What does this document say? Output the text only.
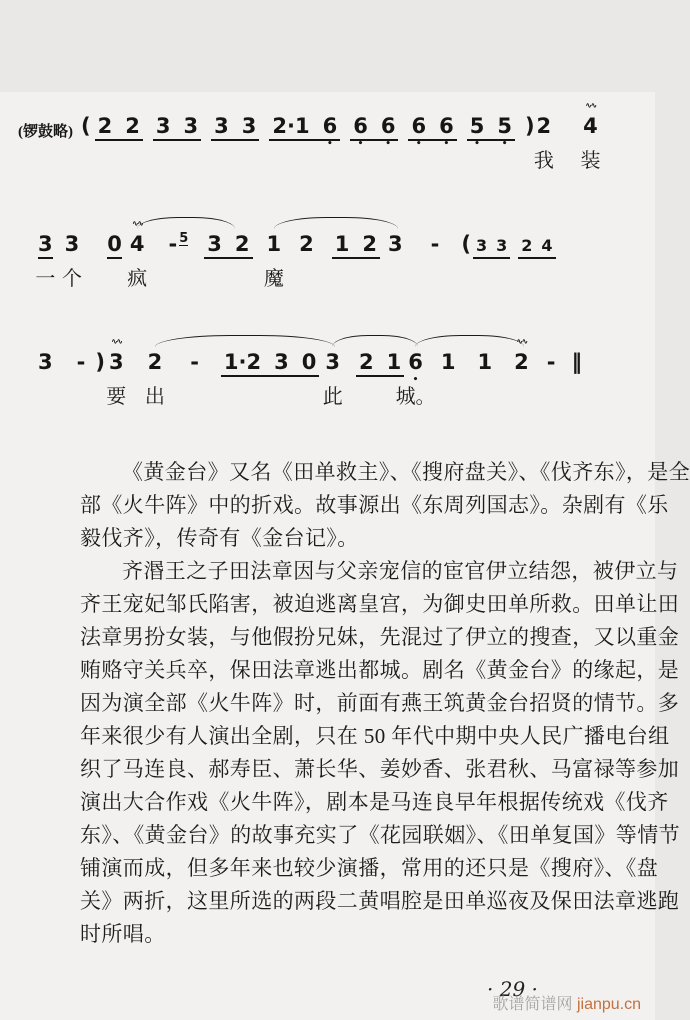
(锣鼓略) ( 2 2 3 3 3 3 2·1 6
•
6
•
6
•
6
•
6
•
5
•
5
•
) 2
我
∿∿
4
装
3
一
3
个
0
∿∿
4
疯
- 5 3 2 1
魔
2 1 2 3 - ( 3 3 2 4
3 - )
∿∿
3
要
2
出
- 1·2 3 0 3
此
2 1 6
•
城。
1 1
∿∿
2 - ‖
《黄金台》又名《田单救主》、《搜府盘关》、《伐齐东》，是全
部《火牛阵》中的折戏。故事源出《东周列国志》。杂剧有《乐
毅伐齐》，传奇有《金台记》。
齐湣王之子田法章因与父亲宠信的宦官伊立结怨，被伊立与
齐王宠妃邹氏陷害，被迫逃离皇宫，为御史田单所救。田单让田
法章男扮女装，与他假扮兄妹，先混过了伊立的搜查，又以重金
贿赂守关兵卒，保田法章逃出都城。剧名《黄金台》的缘起，是
因为演全部《火牛阵》时，前面有燕王筑黄金台招贤的情节。多
年来很少有人演出全剧，只在 50 年代中期中央人民广播电台组
织了马连良、郝寿臣、萧长华、姜妙香、张君秋、马富禄等参加
演出大合作戏《火牛阵》，剧本是马连良早年根据传统戏《伐齐
东》、《黄金台》的故事充实了《花园联姻》、《田单复国》等情节
铺演而成，但多年来也较少演播，常用的还只是《搜府》、《盘
关》两折，这里所选的两段二黄唱腔是田单巡夜及保田法章逃跑
时所唱。
· 29 ·
歌谱简谱网 jianpu.cn
